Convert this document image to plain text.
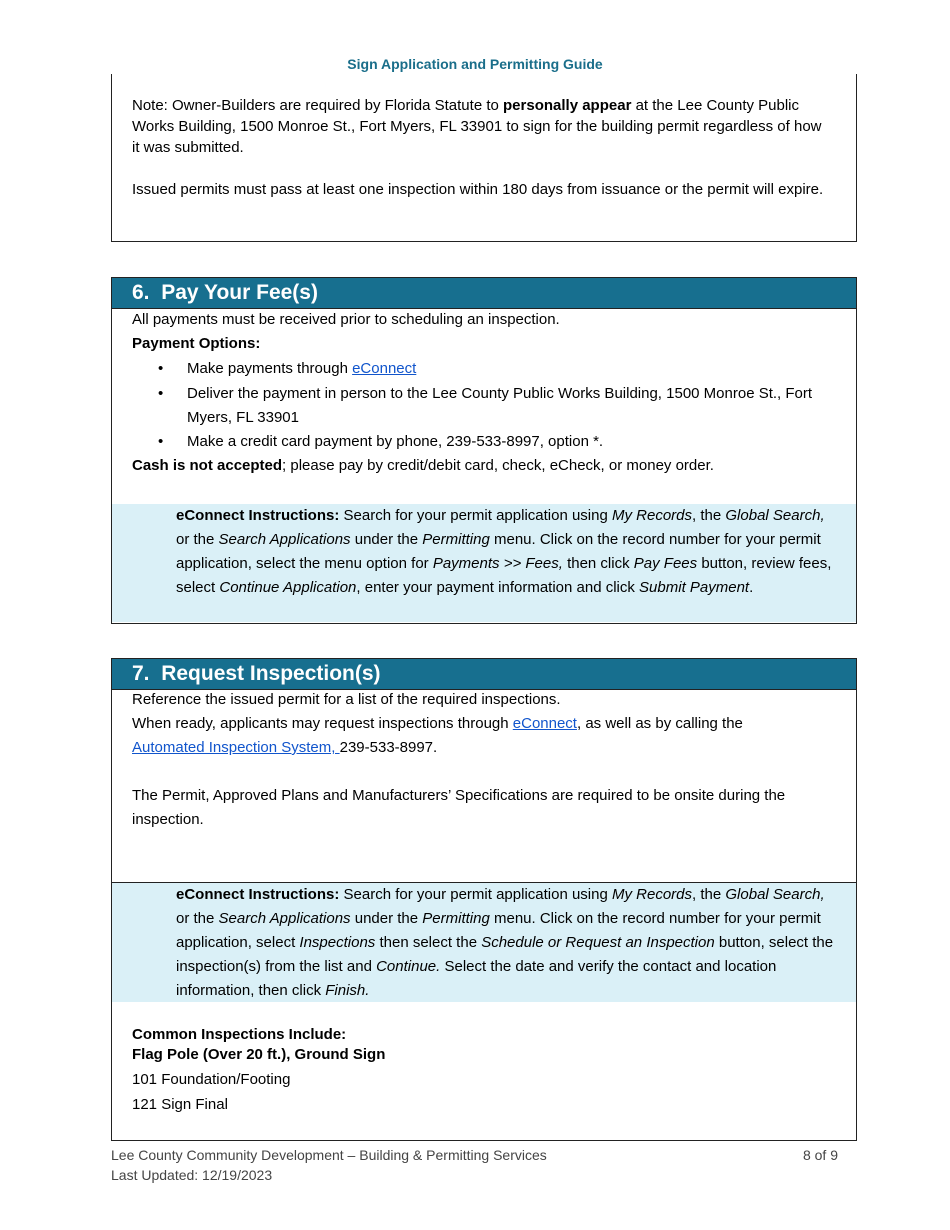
Sign Application and Permitting Guide

Note: Owner-Builders are required by Florida Statute to personally appear at the Lee County Public Works Building, 1500 Monroe St., Fort Myers, FL 33901 to sign for the building permit regardless of how it was submitted.

Issued permits must pass at least one inspection within 180 days from issuance or the permit will expire.

6. Pay Your Fee(s)
All payments must be received prior to scheduling an inspection.
Payment Options:
• Make payments through eConnect
• Deliver the payment in person to the Lee County Public Works Building, 1500 Monroe St., Fort Myers, FL 33901
• Make a credit card payment by phone, 239-533-8997, option *.
Cash is not accepted; please pay by credit/debit card, check, eCheck, or money order.

eConnect Instructions: Search for your permit application using My Records, the Global Search, or the Search Applications under the Permitting menu. Click on the record number for your permit application, select the menu option for Payments >> Fees, then click Pay Fees button, review fees, select Continue Application, enter your payment information and click Submit Payment.

7. Request Inspection(s)
Reference the issued permit for a list of the required inspections.
When ready, applicants may request inspections through eConnect, as well as by calling the
Automated Inspection System, 239-533-8997.
The Permit, Approved Plans and Manufacturers’ Specifications are required to be onsite during the inspection.

eConnect Instructions: Search for your permit application using My Records, the Global Search, or the Search Applications under the Permitting menu. Click on the record number for your permit application, select Inspections then select the Schedule or Request an Inspection button, select the inspection(s) from the list and Continue. Select the date and verify the contact and location information, then click Finish.

Common Inspections Include:
Flag Pole (Over 20 ft.), Ground Sign
101 Foundation/Footing
121 Sign Final
Lee County Community Development – Building & Permitting Services	8 of 9
Last Updated: 12/19/2023
